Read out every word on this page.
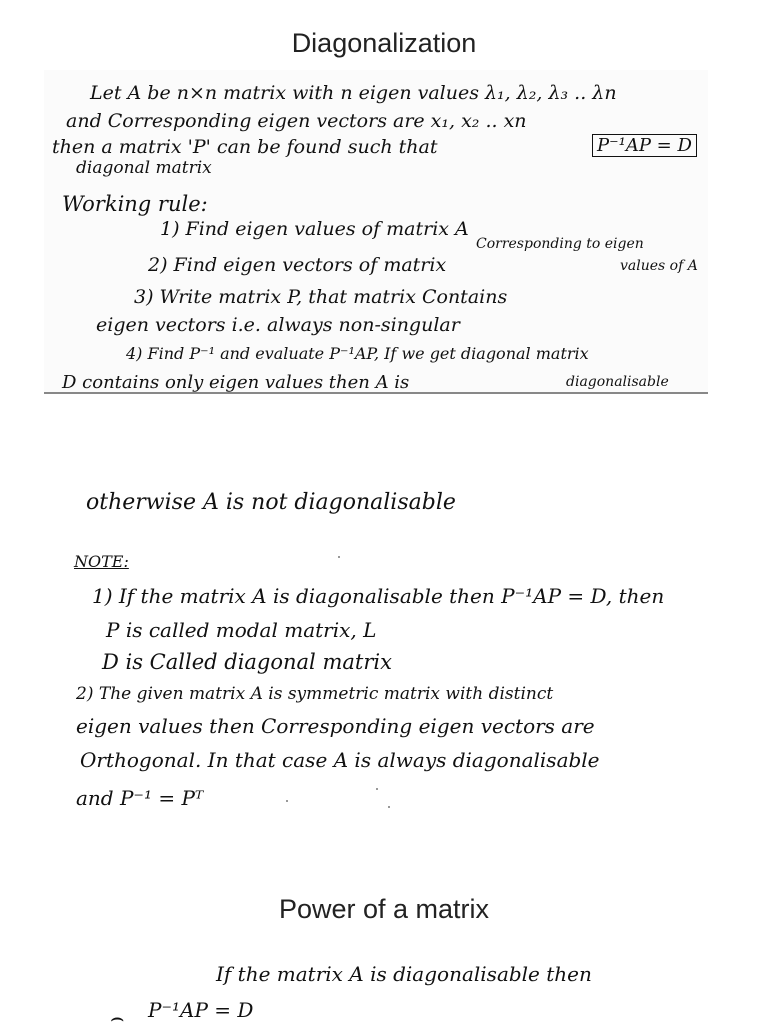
Diagonalization
Let A be n×n matrix with n eigen values λ₁, λ₂, λ₃ .. λn
and Corresponding eigen vectors are x₁, x₂ .. xn
then a matrix 'P' can be found such that	P⁻¹AP = D
diagonal matrix
Working rule:
1) Find eigen values of matrix A
Corresponding to eigen
2) Find eigen vectors of matrix	values of A
3) Write matrix P, that matrix Contains
eigen vectors i.e. always non-singular
4) Find P⁻¹ and evaluate P⁻¹AP, If we get diagonal matrix
D contains only eigen values then A is	diagonalisable
otherwise A is not diagonalisable
NOTE:
1) If the matrix A is diagonalisable then P⁻¹AP = D, then
P is called modal matrix, L
D is Called diagonal matrix
2) The given matrix A is symmetric matrix with distinct
eigen values then Corresponding eigen vectors are
Orthogonal. In that case A is always diagonalisable
and P⁻¹ = Pᵀ
Power of a matrix
If the matrix A is diagonalisable then
P⁻¹AP = D
⌢
